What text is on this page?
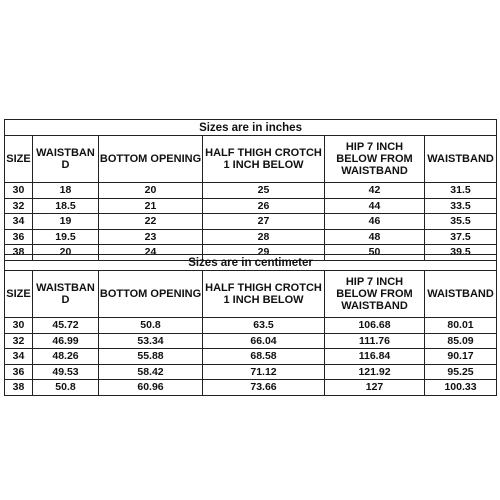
Sizes are in inches					
SIZE	WAISTBAN D	BOTTOM OPENING	HALF THIGH CROTCH 1 INCH BELOW	HIP 7 INCH BELOW FROM WAISTBAND	WAISTBAND
30	18	20	25	42	31.5
32	18.5	21	26	44	33.5
34	19	22	27	46	35.5
36	19.5	23	28	48	37.5
38	20	24	29	50	39.5
Sizes are in centimeter					
SIZE	WAISTBAN D	BOTTOM OPENING	HALF THIGH CROTCH 1 INCH BELOW	HIP 7 INCH BELOW FROM WAISTBAND	WAISTBAND
30	45.72	50.8	63.5	106.68	80.01
32	46.99	53.34	66.04	111.76	85.09
34	48.26	55.88	68.58	116.84	90.17
36	49.53	58.42	71.12	121.92	95.25
38	50.8	60.96	73.66	127	100.33
